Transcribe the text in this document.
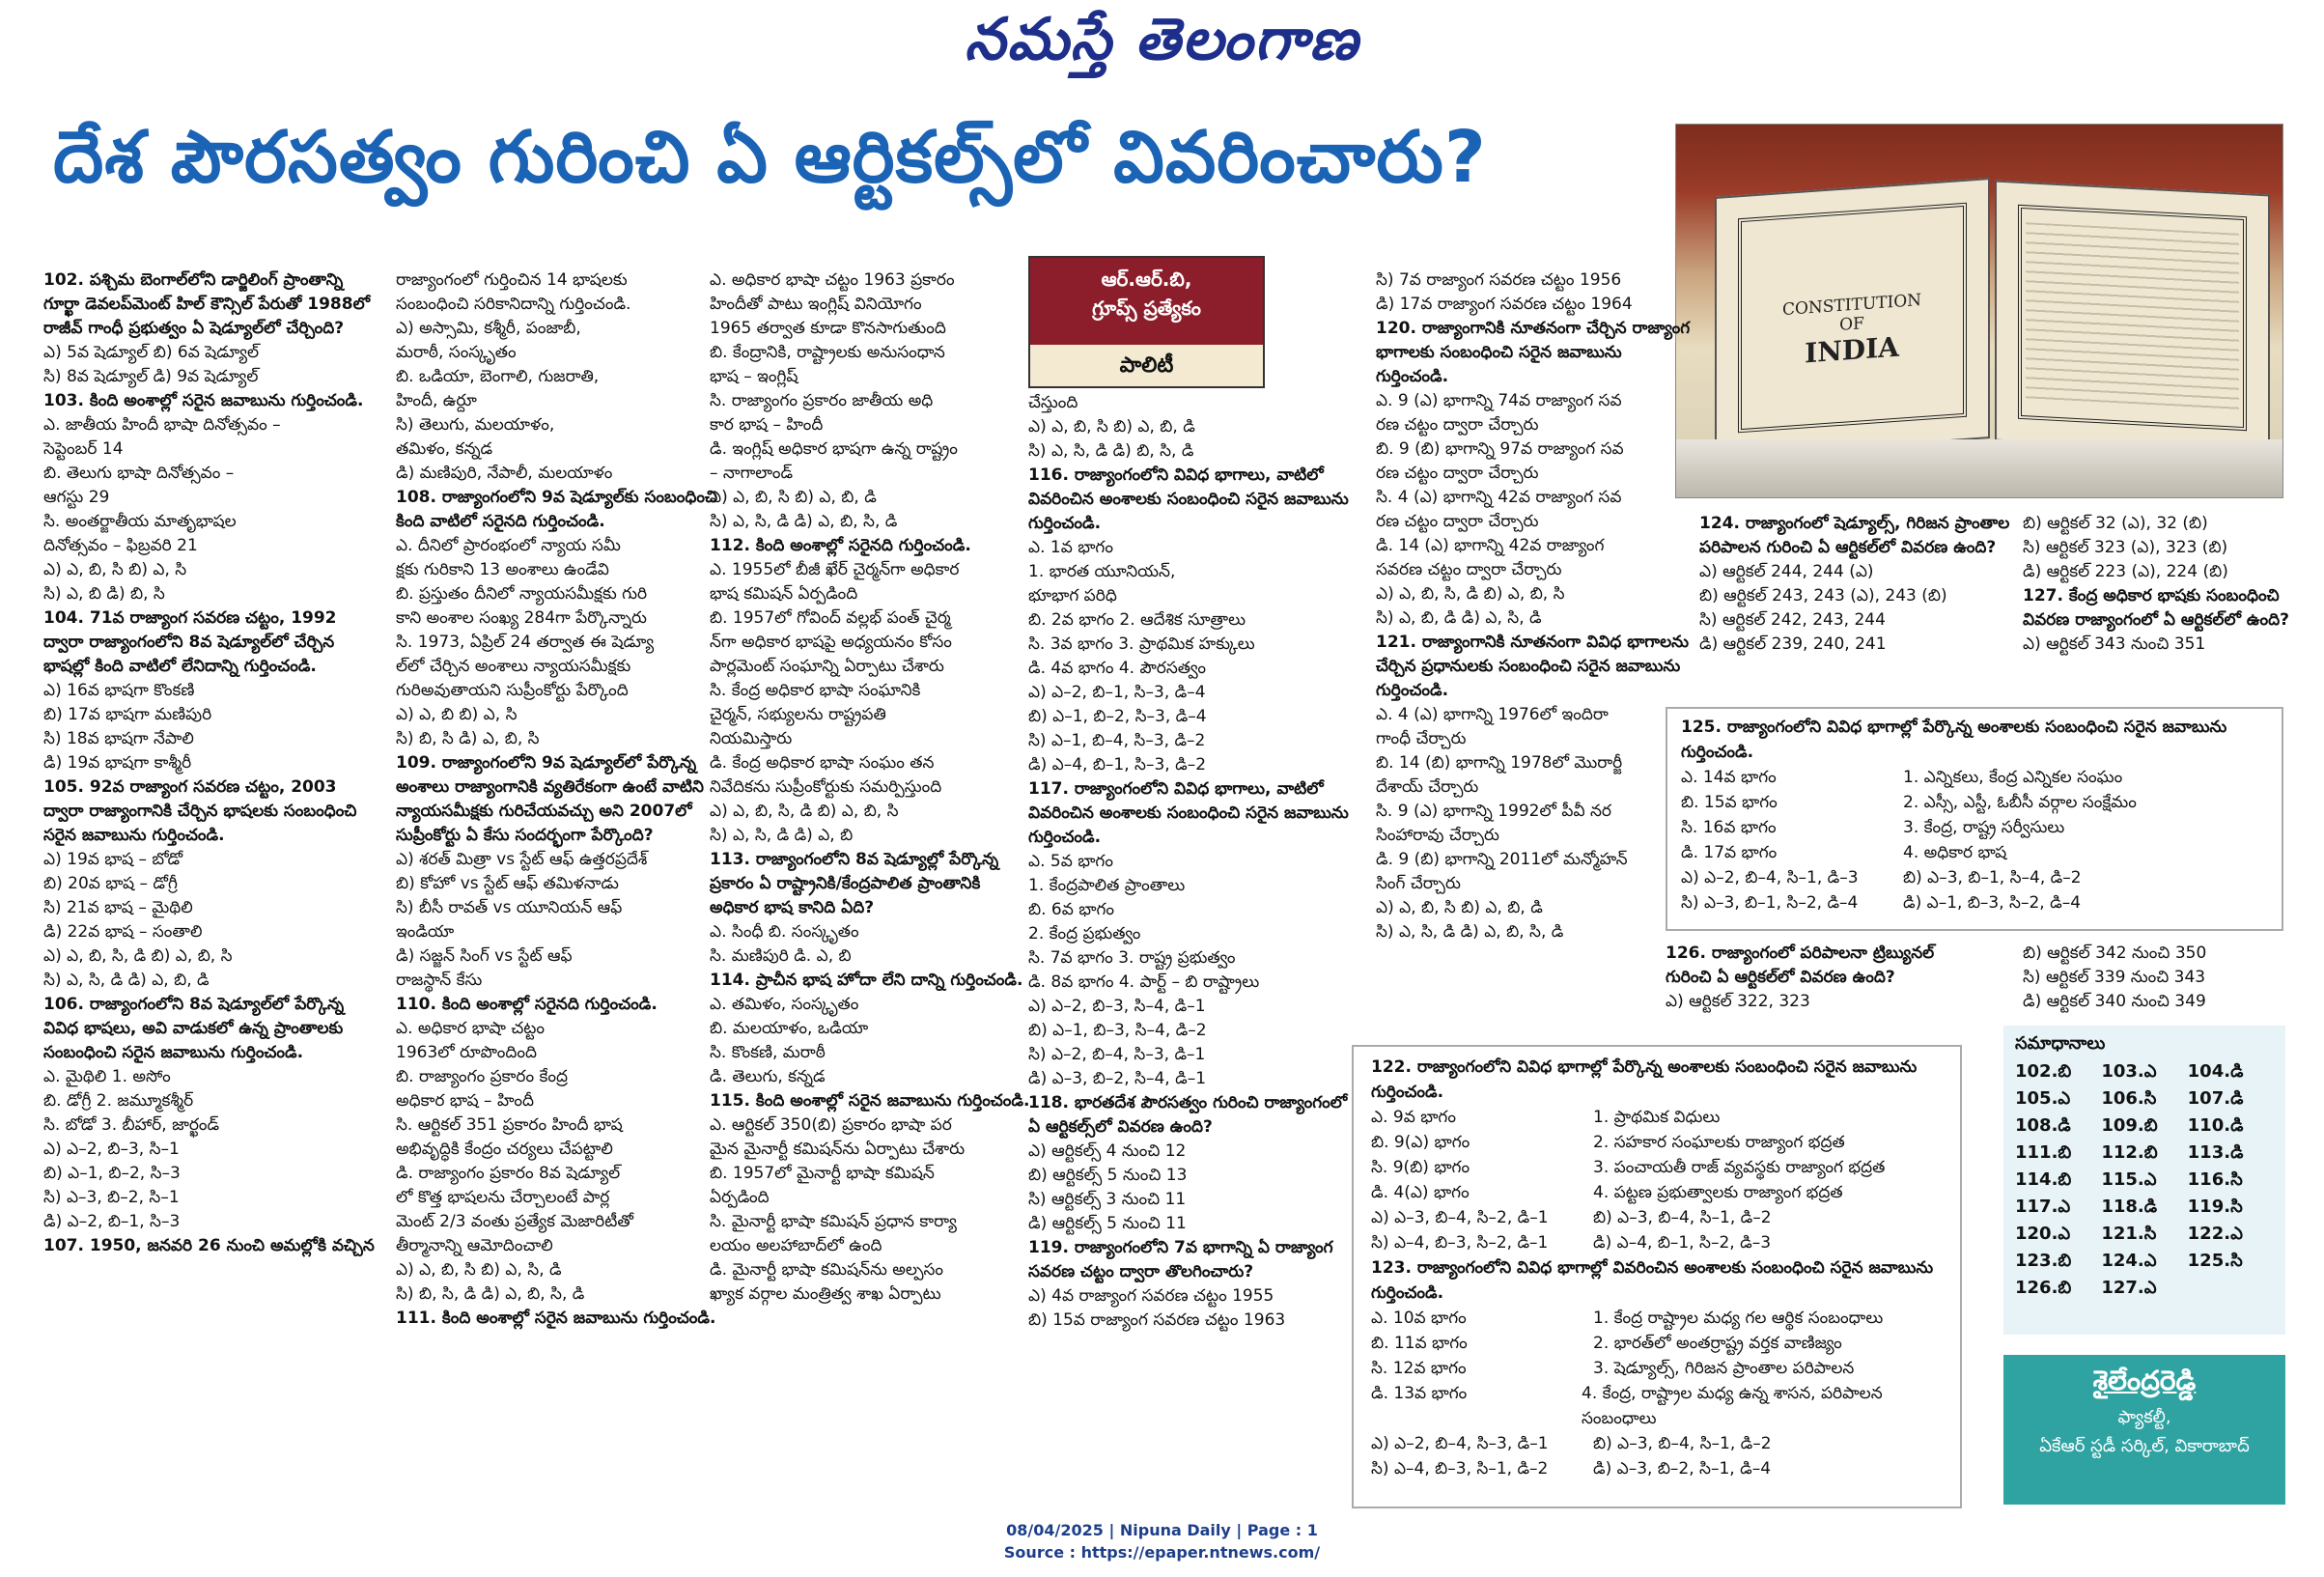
నమస్తే తెలంగాణ
దేశ పౌరసత్వం గురించి ఏ ఆర్టికల్స్‌లో వివరించారు?
CONSTITUTION
OF

INDIA
ఆర్.ఆర్.బి,
గ్రూప్స్ ప్రత్యేకం
పాలిటీ

102. పశ్చిమ బెంగాల్‌లోని డార్జిలింగ్ ప్రాంతాన్ని గూర్ఖా డెవలప్‌మెంట్ హిల్ కౌన్సిల్ పేరుతో 1988లో రాజీవ్ గాంధీ ప్రభుత్వం ఏ షెడ్యూల్‌లో చేర్చింది?

ఎ) 5వ షెడ్యూల్ బి) 6వ షెడ్యూల్

సి) 8వ షెడ్యూల్ డి) 9వ షెడ్యూల్

103. కింది అంశాల్లో సరైన జవాబును గుర్తించండి.

ఎ. జాతీయ హిందీ భాషా దినోత్సవం –

సెప్టెంబర్ 14

బి. తెలుగు భాషా దినోత్సవం –

ఆగస్టు 29

సి. అంతర్జాతీయ మాతృభాషల

దినోత్సవం – ఫిబ్రవరి 21

ఎ) ఎ, బి, సి బి) ఎ, సి

సి) ఎ, బి డి) బి, సి

104. 71వ రాజ్యాంగ సవరణ చట్టం, 1992 ద్వారా రాజ్యాంగంలోని 8వ షెడ్యూల్‌లో చేర్చిన భాషల్లో కింది వాటిలో లేనిదాన్ని గుర్తించండి.

ఎ) 16వ భాషగా కొంకణి

బి) 17వ భాషగా మణిపురి

సి) 18వ భాషగా నేపాలి

డి) 19వ భాషగా కాశ్మీరీ

105. 92వ రాజ్యాంగ సవరణ చట్టం, 2003 ద్వారా రాజ్యాంగానికి చేర్చిన భాషలకు సంబంధించి సరైన జవాబును గుర్తించండి.

ఎ) 19వ భాష – బోడో

బి) 20వ భాష – డోగ్రీ

సి) 21వ భాష – మైథిలి

డి) 22వ భాష – సంతాలి

ఎ) ఎ, బి, సి, డి బి) ఎ, బి, సి

సి) ఎ, సి, డి డి) ఎ, బి, డి

106. రాజ్యాంగంలోని 8వ షెడ్యూల్‌లో పేర్కొన్న వివిధ భాషలు, అవి వాడుకలో ఉన్న ప్రాంతాలకు సంబంధించి సరైన జవాబును గుర్తించండి.

ఎ. మైథిలి 1. అసోం

బి. డోగ్రీ 2. జమ్మూకశ్మీర్

సి. బోడో 3. బీహార్, జార్ఖండ్

ఎ) ఎ–2, బి–3, సి–1

బి) ఎ–1, బి–2, సి–3

సి) ఎ–3, బి–2, సి–1

డి) ఎ–2, బి–1, సి–3

107. 1950, జనవరి 26 నుంచి అమల్లోకి వచ్చిన

రాజ్యాంగంలో గుర్తించిన 14 భాషలకు

సంబంధించి సరికానిదాన్ని గుర్తించండి.

ఎ) అస్సామి, కశ్మీరీ, పంజాబీ,

మరాఠీ, సంస్కృతం

బి. ఒడియా, బెంగాలి, గుజరాతి,

హిందీ, ఉర్దూ

సి) తెలుగు, మలయాళం,

తమిళం, కన్నడ

డి) మణిపురి, నేపాలీ, మలయాళం

108. రాజ్యాంగంలోని 9వ షెడ్యూల్‌కు సంబంధించి కింది వాటిలో సరైనది గుర్తించండి.

ఎ. దీనిలో ప్రారంభంలో న్యాయ సమీ

క్షకు గురికాని 13 అంశాలు ఉండేవి

బి. ప్రస్తుతం దీనిలో న్యాయసమీక్షకు గురి

కాని అంశాల సంఖ్య 284గా పేర్కొన్నారు

సి. 1973, ఏప్రిల్ 24 తర్వాత ఈ షెడ్యూ

ల్‌లో చేర్చిన అంశాలు న్యాయసమీక్షకు

గురిఅవుతాయని సుప్రీంకోర్టు పేర్కొంది

ఎ) ఎ, బి బి) ఎ, సి

సి) బి, సి డి) ఎ, బి, సి

109. రాజ్యాంగంలోని 9వ షెడ్యూల్‌లో పేర్కొన్న అంశాలు రాజ్యాంగానికి వ్యతిరేకంగా ఉంటే వాటిని న్యాయసమీక్షకు గురిచేయవచ్చు అని 2007లో సుప్రీంకోర్టు ఏ కేసు సందర్భంగా పేర్కొంది?

ఎ) శరత్ మిత్రా vs స్టేట్ ఆఫ్ ఉత్తరప్రదేశ్

బి) కోహో vs స్టేట్ ఆఫ్ తమిళనాడు

సి) బీసీ రావత్ vs యూనియన్ ఆఫ్

ఇండియా

డి) సజ్జన్ సింగ్ vs స్టేట్ ఆఫ్

రాజస్థాన్ కేసు

110. కింది అంశాల్లో సరైనది గుర్తించండి.

ఎ. అధికార భాషా చట్టం

1963లో రూపొందింది

బి. రాజ్యాంగం ప్రకారం కేంద్ర

అధికార భాష – హిందీ

సి. ఆర్టికల్ 351 ప్రకారం హిందీ భాష

అభివృద్ధికి కేంద్రం చర్యలు చేపట్టాలి

డి. రాజ్యాంగం ప్రకారం 8వ షెడ్యూల్

లో కొత్త భాషలను చేర్చాలంటే పార్ల

మెంట్ 2/3 వంతు ప్రత్యేక మెజారిటీతో

తీర్మానాన్ని ఆమోదించాలి

ఎ) ఎ, బి, సి బి) ఎ, సి, డి

సి) బి, సి, డి డి) ఎ, బి, సి, డి

111. కింది అంశాల్లో సరైన జవాబును గుర్తించండి.

ఎ. అధికార భాషా చట్టం 1963 ప్రకారం

హిందీతో పాటు ఇంగ్లిష్ వినియోగం

1965 తర్వాత కూడా కొనసాగుతుంది

బి. కేంద్రానికి, రాష్ట్రాలకు అనుసంధాన

భాష – ఇంగ్లిష్

సి. రాజ్యాంగం ప్రకారం జాతీయ అధి

కార భాష – హిందీ

డి. ఇంగ్లిష్ అధికార భాషగా ఉన్న రాష్ట్రం

– నాగాలాండ్

ఎ) ఎ, బి, సి బి) ఎ, బి, డి

సి) ఎ, సి, డి డి) ఎ, బి, సి, డి

112. కింది అంశాల్లో సరైనది గుర్తించండి.

ఎ. 1955లో బీజీ ఖేర్ చైర్మన్‌గా అధికార

భాష కమిషన్ ఏర్పడింది

బి. 1957లో గోవింద్ వల్లభ్ పంత్ చైర్మ

న్‌గా అధికార భాషపై అధ్యయనం కోసం

పార్లమెంట్ సంఘాన్ని ఏర్పాటు చేశారు

సి. కేంద్ర అధికార భాషా సంఘానికి

చైర్మన్, సభ్యులను రాష్ట్రపతి

నియమిస్తారు

డి. కేంద్ర అధికార భాషా సంఘం తన

నివేదికను సుప్రీంకోర్టుకు సమర్పిస్తుంది

ఎ) ఎ, బి, సి, డి బి) ఎ, బి, సి

సి) ఎ, సి, డి డి) ఎ, బి

113. రాజ్యాంగంలోని 8వ షెడ్యూల్లో పేర్కొన్న ప్రకారం ఏ రాష్ట్రానికి/కేంద్రపాలిత ప్రాంతానికి అధికార భాష కానిది ఏది?

ఎ. సింధీ బి. సంస్కృతం

సి. మణిపురి డి. ఎ, బి

114. ప్రాచీన భాష హోదా లేని దాన్ని గుర్తించండి.

ఎ. తమిళం, సంస్కృతం

బి. మలయాళం, ఒడియా

సి. కొంకణి, మరాఠీ

డి. తెలుగు, కన్నడ

115. కింది అంశాల్లో సరైన జవాబును గుర్తించండి.

ఎ. ఆర్టికల్ 350(బి) ప్రకారం భాషా పర

మైన మైనార్టీ కమిషన్‌ను ఏర్పాటు చేశారు

బి. 1957లో మైనార్టీ భాషా కమిషన్

ఏర్పడింది

సి. మైనార్టీ భాషా కమిషన్ ప్రధాన కార్యా

లయం అలహాబాద్‌లో ఉంది

డి. మైనార్టీ భాషా కమిషన్‌ను అల్పసం

ఖ్యాక వర్గాల మంత్రిత్వ శాఖ ఏర్పాటు

చేస్తుంది

ఎ) ఎ, బి, సి బి) ఎ, బి, డి

సి) ఎ, సి, డి డి) బి, సి, డి

116. రాజ్యాంగంలోని వివిధ భాగాలు, వాటిలో వివరించిన అంశాలకు సంబంధించి సరైన జవాబును గుర్తించండి.

ఎ. 1వ భాగం

1. భారత యూనియన్,

భూభాగ పరిధి

బి. 2వ భాగం 2. ఆదేశిక సూత్రాలు

సి. 3వ భాగం 3. ప్రాథమిక హక్కులు

డి. 4వ భాగం 4. పౌరసత్వం

ఎ) ఎ–2, బి–1, సి–3, డి–4

బి) ఎ–1, బి–2, సి–3, డి–4

సి) ఎ–1, బి–4, సి–3, డి–2

డి) ఎ–4, బి–1, సి–3, డి–2

117. రాజ్యాంగంలోని వివిధ భాగాలు, వాటిలో వివరించిన అంశాలకు సంబంధించి సరైన జవాబును గుర్తించండి.

ఎ. 5వ భాగం

1. కేంద్రపాలిత ప్రాంతాలు

బి. 6వ భాగం

2. కేంద్ర ప్రభుత్వం

సి. 7వ భాగం 3. రాష్ట్ర ప్రభుత్వం

డి. 8వ భాగం 4. పార్ట్ – బి రాష్ట్రాలు

ఎ) ఎ–2, బి–3, సి–4, డి–1

బి) ఎ–1, బి–3, సి–4, డి–2

సి) ఎ–2, బి–4, సి–3, డి–1

డి) ఎ–3, బి–2, సి–4, డి–1

118. భారతదేశ పౌరసత్వం గురించి రాజ్యాంగంలో ఏ ఆర్టికల్స్‌లో వివరణ ఉంది?

ఎ) ఆర్టికల్స్ 4 నుంచి 12

బి) ఆర్టికల్స్ 5 నుంచి 13

సి) ఆర్టికల్స్ 3 నుంచి 11

డి) ఆర్టికల్స్ 5 నుంచి 11

119. రాజ్యాంగంలోని 7వ భాగాన్ని ఏ రాజ్యాంగ సవరణ చట్టం ద్వారా తొలగించారు?

ఎ) 4వ రాజ్యాంగ సవరణ చట్టం 1955

బి) 15వ రాజ్యాంగ సవరణ చట్టం 1963

సి) 7వ రాజ్యాంగ సవరణ చట్టం 1956

డి) 17వ రాజ్యాంగ సవరణ చట్టం 1964

120. రాజ్యాంగానికి నూతనంగా చేర్చిన రాజ్యాంగ భాగాలకు సంబంధించి సరైన జవాబును గుర్తించండి.

ఎ. 9 (ఎ) భాగాన్ని 74వ రాజ్యాంగ సవ

రణ చట్టం ద్వారా చేర్చారు

బి. 9 (బి) భాగాన్ని 97వ రాజ్యాంగ సవ

రణ చట్టం ద్వారా చేర్చారు

సి. 4 (ఎ) భాగాన్ని 42వ రాజ్యాంగ సవ

రణ చట్టం ద్వారా చేర్చారు

డి. 14 (ఎ) భాగాన్ని 42వ రాజ్యాంగ

సవరణ చట్టం ద్వారా చేర్చారు

ఎ) ఎ, బి, సి, డి బి) ఎ, బి, సి

సి) ఎ, బి, డి డి) ఎ, సి, డి

121. రాజ్యాంగానికి నూతనంగా వివిధ భాగాలను చేర్చిన ప్రధానులకు సంబంధించి సరైన జవాబును గుర్తించండి.

ఎ. 4 (ఎ) భాగాన్ని 1976లో ఇందిరా

గాంధీ చేర్చారు

బి. 14 (బి) భాగాన్ని 1978లో మొరార్జీ

దేశాయ్ చేర్చారు

సి. 9 (ఎ) భాగాన్ని 1992లో పీవీ నర

సింహారావు చేర్చారు

డి. 9 (బి) భాగాన్ని 2011లో మన్మోహన్

సింగ్ చేర్చారు

ఎ) ఎ, బి, సి బి) ఎ, బి, డి

సి) ఎ, సి, డి డి) ఎ, బి, సి, డి

124. రాజ్యాంగంలో షెడ్యూల్స్, గిరిజన ప్రాంతాల పరిపాలన గురించి ఏ ఆర్టికల్‌లో వివరణ ఉంది?

ఎ) ఆర్టికల్ 244, 244 (ఎ)

బి) ఆర్టికల్ 243, 243 (ఎ), 243 (బి)

సి) ఆర్టికల్ 242, 243, 244

డి) ఆర్టికల్ 239, 240, 241

బి) ఆర్టికల్ 32 (ఎ), 32 (బి)

సి) ఆర్టికల్ 323 (ఎ), 323 (బి)

డి) ఆర్టికల్ 223 (ఎ), 224 (బి)

127. కేంద్ర అధికార భాషకు సంబంధించి వివరణ రాజ్యాంగంలో ఏ ఆర్టికల్‌లో ఉంది?

ఎ) ఆర్టికల్ 343 నుంచి 351

126. రాజ్యాంగంలో పరిపాలనా ట్రిబ్యునల్ గురించి ఏ ఆర్టికల్‌లో వివరణ ఉంది?

ఎ) ఆర్టికల్ 322, 323

బి) ఆర్టికల్ 342 నుంచి 350

సి) ఆర్టికల్ 339 నుంచి 343

డి) ఆర్టికల్ 340 నుంచి 349

125. రాజ్యాంగంలోని వివిధ భాగాల్లో పేర్కొన్న అంశాలకు సంబంధించి సరైన జవాబును గుర్తించండి.
ఎ. 14వ భాగం	1. ఎన్నికలు, కేంద్ర ఎన్నికల సంఘం
బి. 15వ భాగం	2. ఎస్సీ, ఎస్టీ, ఓబీసీ వర్గాల సంక్షేమం
సి. 16వ భాగం	3. కేంద్ర, రాష్ట్ర సర్వీసులు
డి. 17వ భాగం	4. అధికార భాష
ఎ) ఎ–2, బి–4, సి–1, డి–3	బి) ఎ–3, బి–1, సి–4, డి–2
సి) ఎ–3, బి–1, సి–2, డి–4	డి) ఎ–1, బి–3, సి–2, డి–4
122. రాజ్యాంగంలోని వివిధ భాగాల్లో పేర్కొన్న అంశాలకు సంబంధించి సరైన జవాబును గుర్తించండి.
ఎ. 9వ భాగం	1. ప్రాథమిక విధులు
బి. 9(ఎ) భాగం	2. సహకార సంఘాలకు రాజ్యాంగ భద్రత
సి. 9(బి) భాగం	3. పంచాయతీ రాజ్ వ్యవస్థకు రాజ్యాంగ భద్రత
డి. 4(ఎ) భాగం	4. పట్టణ ప్రభుత్వాలకు రాజ్యాంగ భద్రత
ఎ) ఎ–3, బి–4, సి–2, డి–1	బి) ఎ–3, బి–4, సి–1, డి–2
సి) ఎ–4, బి–3, సి–2, డి–1	డి) ఎ–4, బి–1, సి–2, డి–3
123. రాజ్యాంగంలోని వివిధ భాగాల్లో వివరించిన అంశాలకు సంబంధించి సరైన జవాబును గుర్తించండి.
ఎ. 10వ భాగం	1. కేంద్ర రాష్ట్రాల మధ్య గల ఆర్థిక సంబంధాలు
బి. 11వ భాగం	2. భారత్‌లో అంతర్రాష్ట్ర వర్తక వాణిజ్యం
సి. 12వ భాగం	3. షెడ్యూల్స్, గిరిజన ప్రాంతాల పరిపాలన
డి. 13వ భాగం	4. కేంద్ర, రాష్ట్రాల మధ్య ఉన్న శాసన, పరిపాలన సంబంధాలు
ఎ) ఎ–2, బి–4, సి–3, డి–1	బి) ఎ–3, బి–4, సి–1, డి–2
సి) ఎ–4, బి–3, సి–1, డి–2	డి) ఎ–3, బి–2, సి–1, డి–4
సమాధానాలు
102.బి	103.ఎ	104.డి
105.ఎ	106.సి	107.డి
108.డి	109.బి	110.డి
111.బి	112.బి	113.డి
114.బి	115.ఎ	116.సి
117.ఎ	118.డి	119.సి
120.ఎ	121.సి	122.ఎ
123.బి	124.ఎ	125.సి
126.బి	127.ఎ
శైలేంద్రరెడ్డి
ఫ్యాకల్టీ,
ఏకేఆర్ స్టడీ సర్కిల్, వికారాబాద్
08/04/2025 | Nipuna Daily | Page : 1
Source : https://epaper.ntnews.com/
